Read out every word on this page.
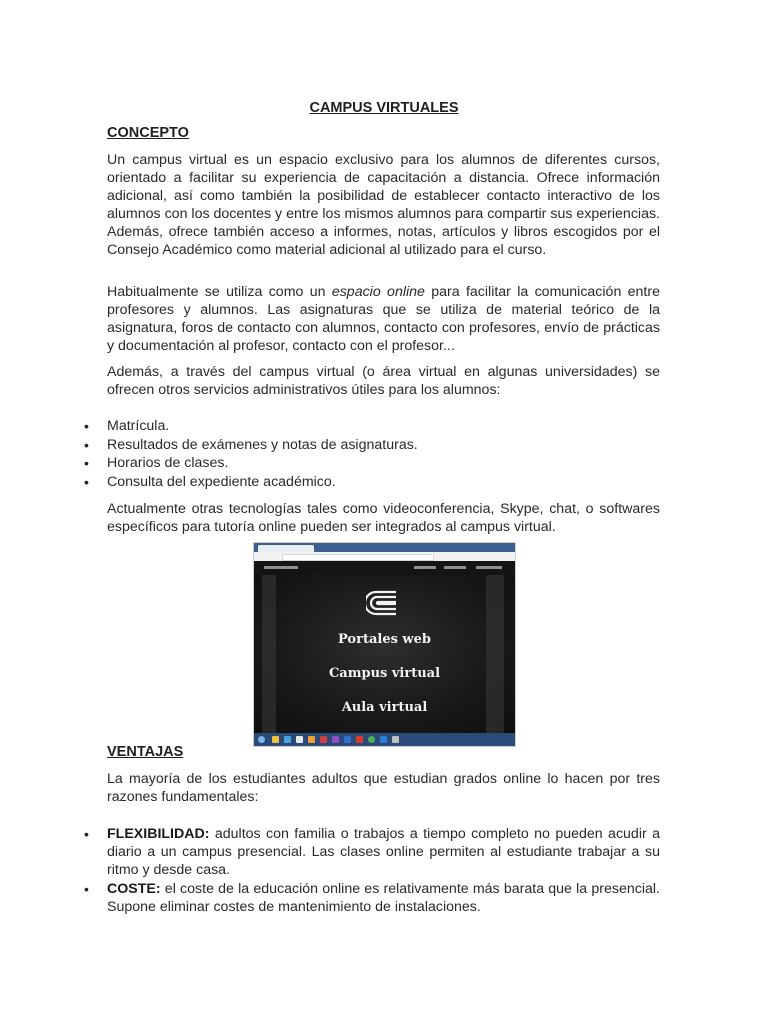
CAMPUS VIRTUALES
CONCEPTO
Un campus virtual es un espacio exclusivo para los alumnos de diferentes cursos, orientado a facilitar su experiencia de capacitación a distancia. Ofrece información adicional, así como también la posibilidad de establecer contacto interactivo de los alumnos con los docentes y entre los mismos alumnos para compartir sus experiencias. Además, ofrece también acceso a informes, notas, artículos y libros escogidos por el Consejo Académico como material adicional al utilizado para el curso.
Habitualmente se utiliza como un espacio online para facilitar la comunicación entre profesores y alumnos. Las asignaturas que se utiliza de material teórico de la asignatura, foros de contacto con alumnos, contacto con profesores, envío de prácticas y documentación al profesor, contacto con el profesor...
Además, a través del campus virtual (o área virtual en algunas universidades) se ofrecen otros servicios administrativos útiles para los alumnos:
• Matrícula.
• Resultados de exámenes y notas de asignaturas.
• Horarios de clases.
• Consulta del expediente académico.
Actualmente otras tecnologías tales como videoconferencia, Skype, chat, o softwares específicos para tutoría online pueden ser integrados al campus virtual.
Portales web
Campus virtual
Aula virtual
VENTAJAS
La mayoría de los estudiantes adultos que estudian grados online lo hacen por tres razones fundamentales:
• FLEXIBILIDAD: adultos con familia o trabajos a tiempo completo no pueden acudir a diario a un campus presencial. Las clases online permiten al estudiante trabajar a su ritmo y desde casa.
• COSTE: el coste de la educación online es relativamente más barata que la presencial. Supone eliminar costes de mantenimiento de instalaciones.
